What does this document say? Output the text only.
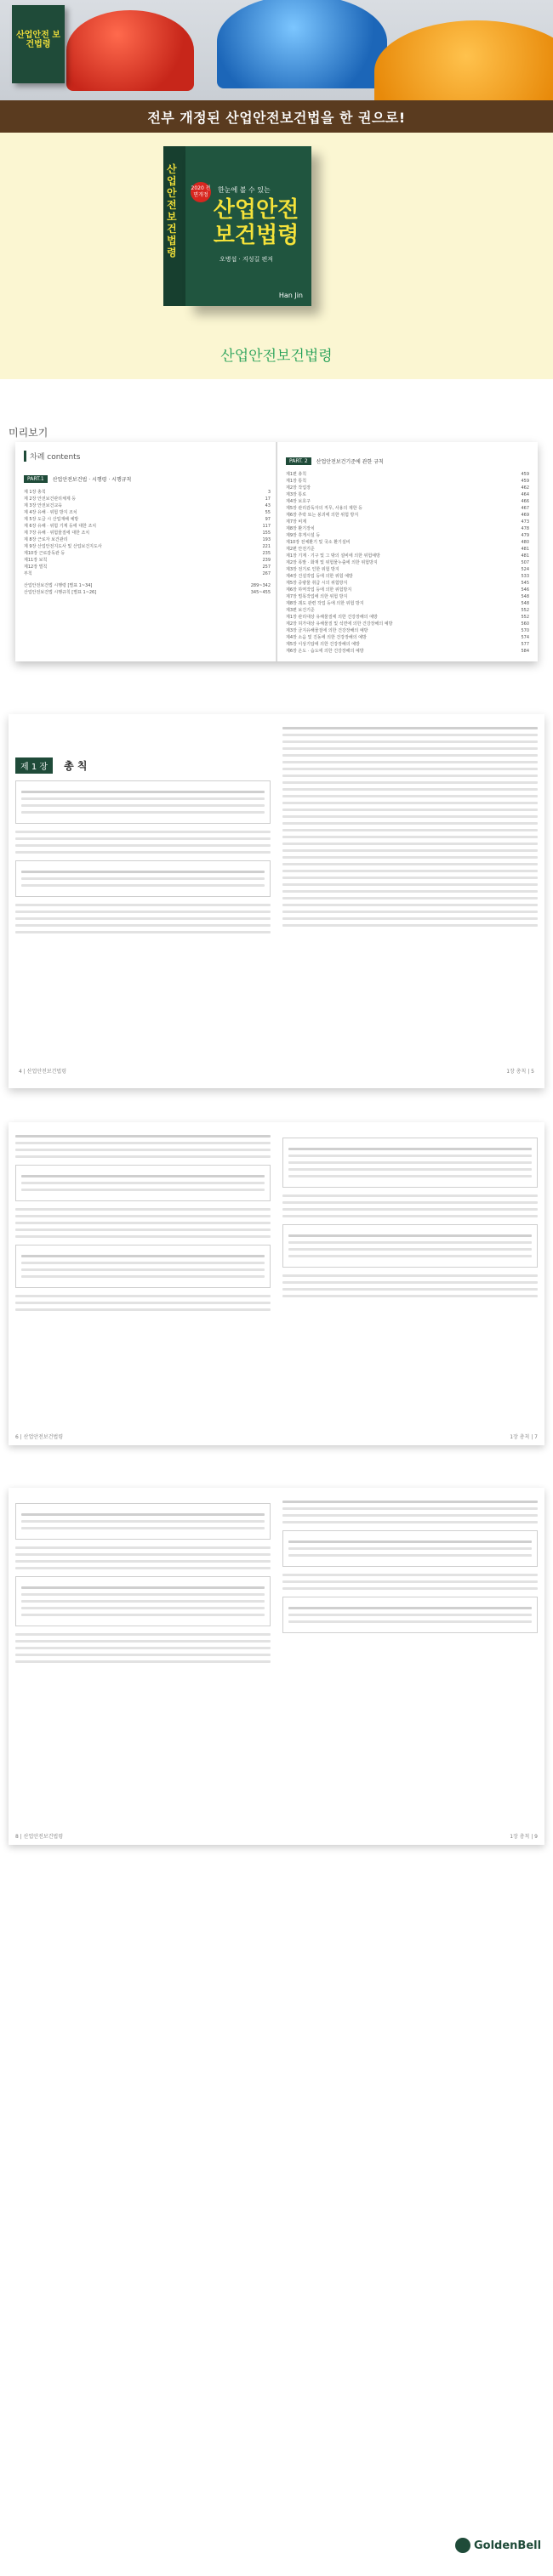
산업안전 보건법령
전부 개정된 산업안전보건법을 한 권으로!
산업안전 보건법령
2020 전면개정
한눈에 볼 수 있는
산업안전 보건법령
오병섭 · 지성길 편저
Han Jin
산업안전보건법령
미리보기
차례 contents
PART.1	산업안전보건법 · 시행령 · 시행규칙
제 1장 총칙	3
제 2장 안전보건관리체제 등	17
제 3장 안전보건교육	43
제 4장 유해 · 위험 방지 조치	55
제 5장 도급 시 산업재해 예방	97
제 6장 유해 · 위험 기계 등에 대한 조치	117
제 7장 유해 · 위험물질에 대한 조치	155
제 8장 근로자 보건관리	193
제 9장 산업안전지도사 및 산업보건지도사	221
제10장 근로감독관 등	235
제11장 보칙	239
제12장 벌칙	257
부칙	267
산업안전보건법 시행령 [별표 1~34]	289~342
산업안전보건법 시행규칙 [별표 1~26]	345~455
PART. 2	산업안전보건기준에 관한 규칙
제1편 총칙	459
제1장 통칙	459
제2장 작업장	462
제3장 통로	464
제4장 보호구	466
제5장 관리감독자의 직무, 사용의 제한 등	467
제6장 추락 또는 붕괴에 의한 위험 방지	469
제7장 비계	473
제8장 환기장치	478
제9장 휴게시설 등	479
제10장 전체환기 및 국소 환기설비	480
제2편 안전기준	481
제1장 기계 · 기구 및 그 밖의 설비에 의한 위험예방	481
제2장 폭발 · 화재 및 위험물누출에 의한 위험방지	507
제3장 전기로 인한 위험 방지	524
제4장 건설작업 등에 의한 위험 예방	533
제5장 중량물 취급 시의 위험방지	545
제6장 하역작업 등에 의한 위험방지	546
제7장 벌목작업에 의한 위험 방지	548
제8장 궤도 관련 작업 등에 의한 위험 방지	548
제3편 보건기준	552
제1장 관리대상 유해물질에 의한 건강장해의 예방	552
제2장 허가대상 유해물질 및 석면에 의한 건강장해의 예방	560
제3장 금지유해물질에 의한 건강장해의 예방	570
제4장 소음 및 진동에 의한 건강장해의 예방	574
제5장 이상기압에 의한 건강장해의 예방	577
제6장 온도 · 습도에 의한 건강장해의 예방	584
제 1 장 총 칙
4 | 산업안전보건법령	1장 총칙 | 5
6 | 산업안전보건법령	1장 총칙 | 7
8 | 산업안전보건법령	1장 총칙 | 9
GoldenBell
